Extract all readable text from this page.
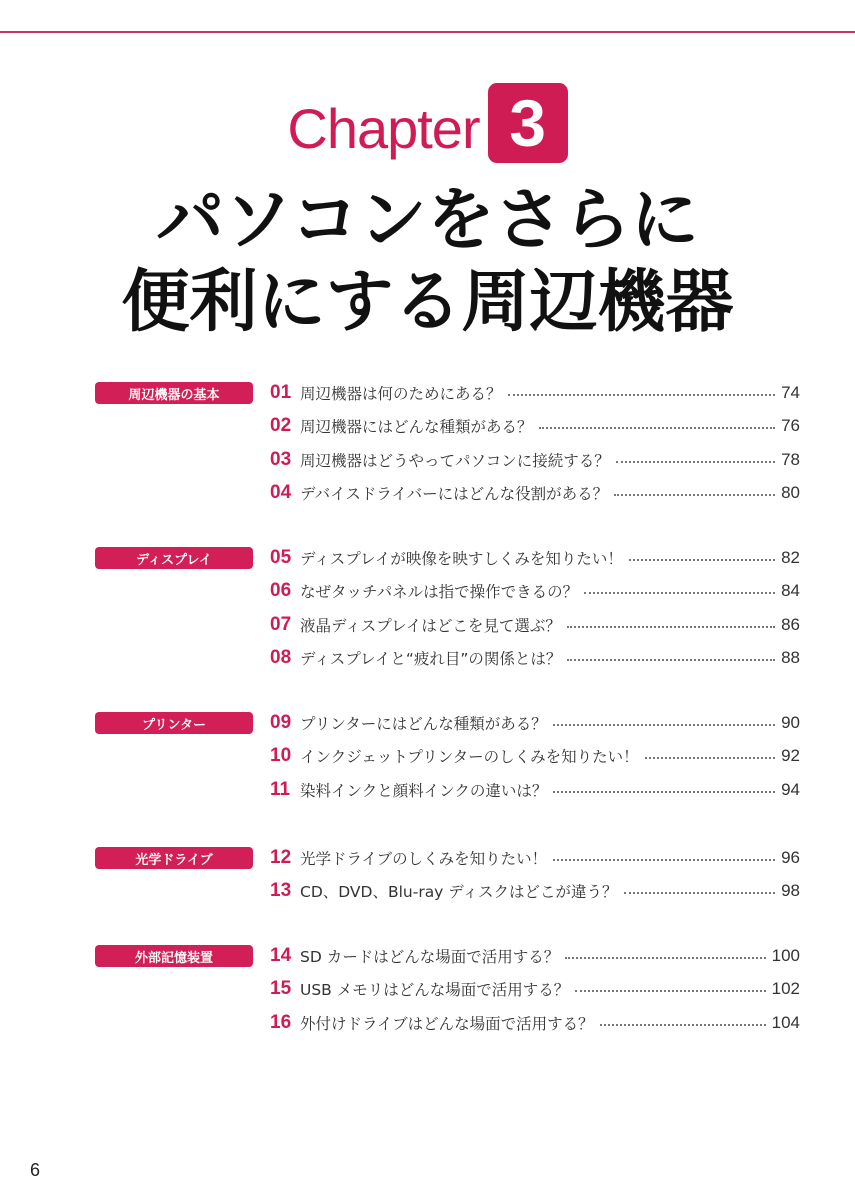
Chapter 3
パソコンをさらに
便利にする周辺機器
周辺機器の基本	01 周辺機器は何のためにある？	74
02 周辺機器にはどんな種類がある？	76
03 周辺機器はどうやってパソコンに接続する？	78
04 デバイスドライバーにはどんな役割がある？	80
ディスプレイ	05 ディスプレイが映像を映すしくみを知りたい！	82
06 なぜタッチパネルは指で操作できるの？	84
07 液晶ディスプレイはどこを見て選ぶ？	86
08 ディスプレイと“疲れ目”の関係とは？	88
プリンター	09 プリンターにはどんな種類がある？	90
10 インクジェットプリンターのしくみを知りたい！	92
11 染料インクと顔料インクの違いは？	94
光学ドライブ	12 光学ドライブのしくみを知りたい！	96
13 CD、DVD、Blu-ray ディスクはどこが違う？	98
外部記憶装置	14 SD カードはどんな場面で活用する？	100
15 USB メモリはどんな場面で活用する？	102
16 外付けドライブはどんな場面で活用する？	104
6
